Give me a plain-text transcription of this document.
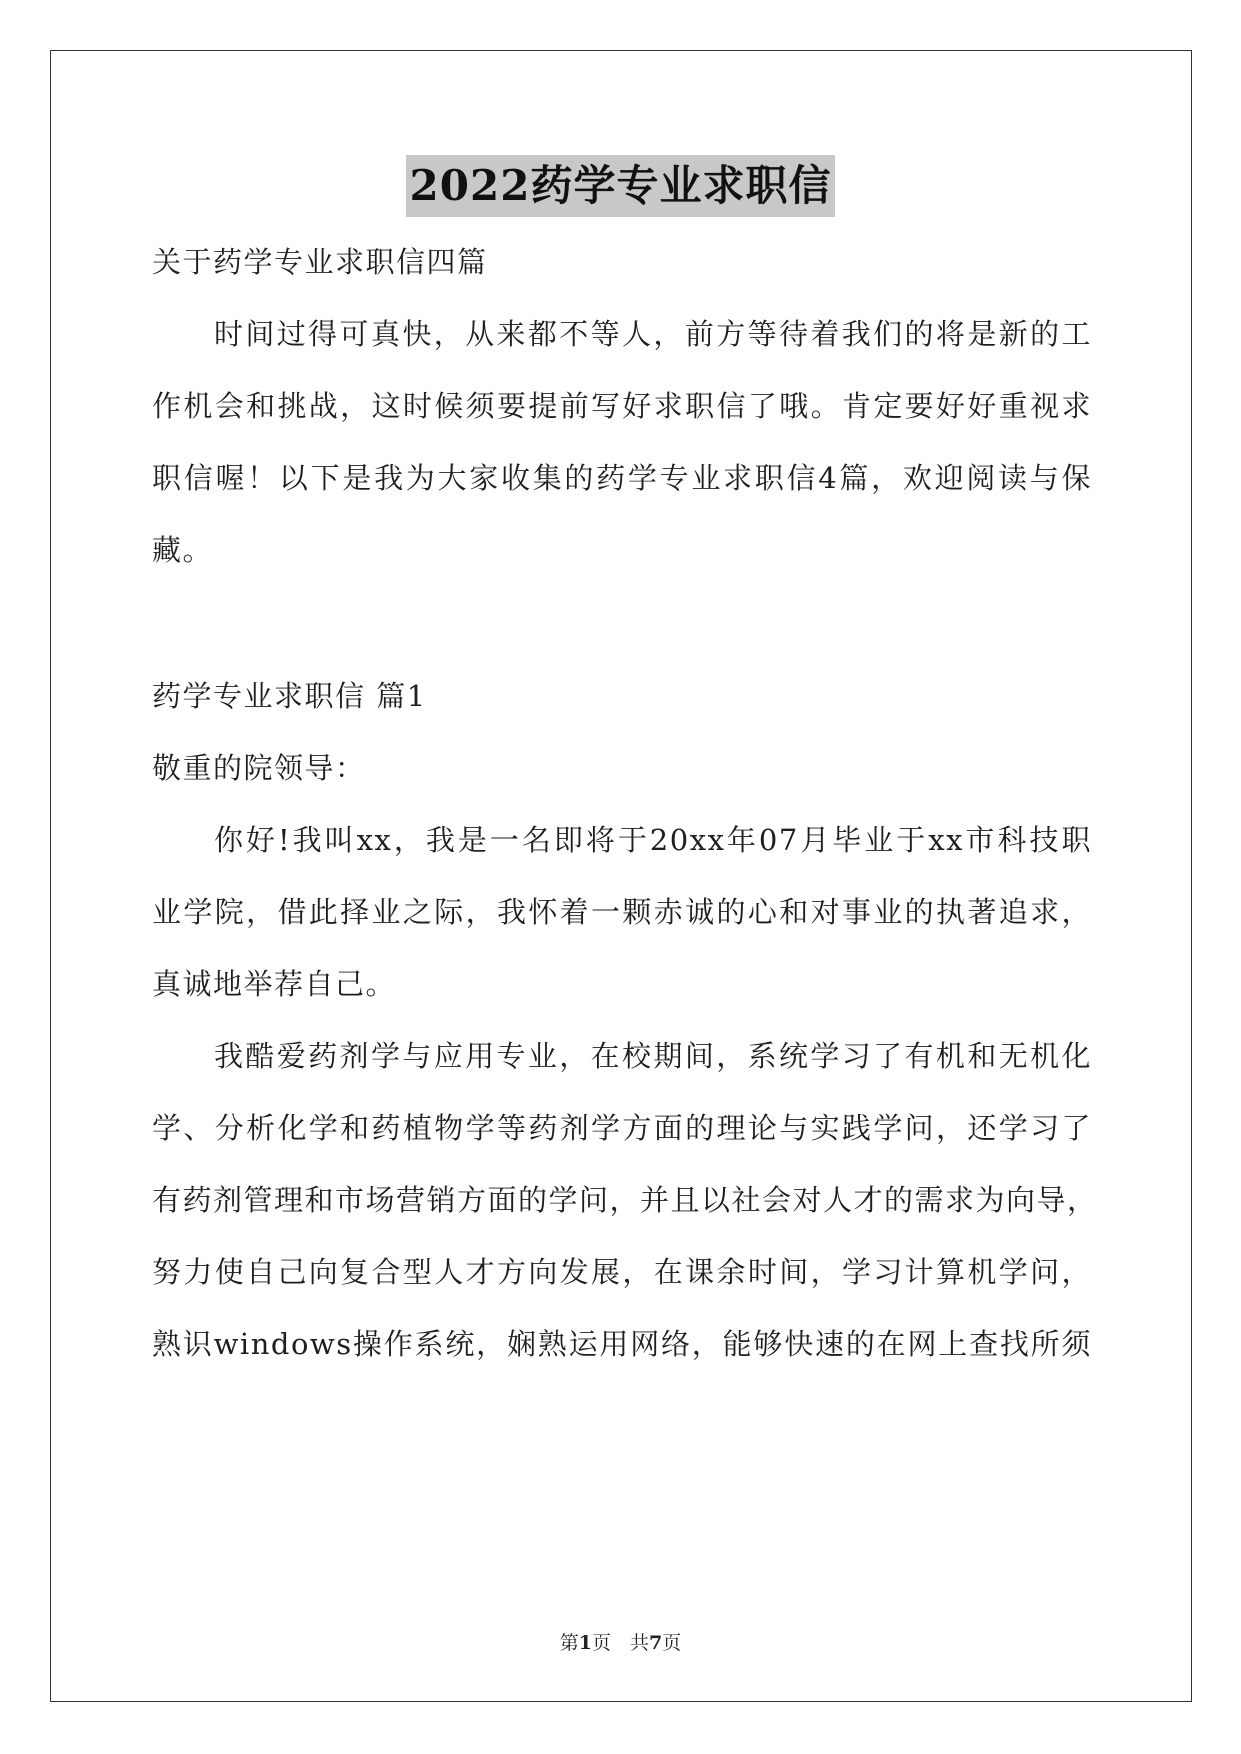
2022药学专业求职信
关于药学专业求职信四篇
时间过得可真快，从来都不等人，前方等待着我们的将是新的工
作机会和挑战，这时候须要提前写好求职信了哦。肯定要好好重视求
职信喔！以下是我为大家收集的药学专业求职信4篇，欢迎阅读与保
藏。
药学专业求职信 篇1
敬重的院领导：
你好!我叫xx，我是一名即将于20xx年07月毕业于xx市科技职
业学院，借此择业之际，我怀着一颗赤诚的心和对事业的执著追求，
真诚地举荐自己。
我酷爱药剂学与应用专业，在校期间，系统学习了有机和无机化
学、分析化学和药植物学等药剂学方面的理论与实践学问，还学习了
有药剂管理和市场营销方面的学问，并且以社会对人才的需求为向导，
努力使自己向复合型人才方向发展，在课余时间，学习计算机学问，
熟识windows操作系统，娴熟运用网络，能够快速的在网上查找所须
第1页　共7页
